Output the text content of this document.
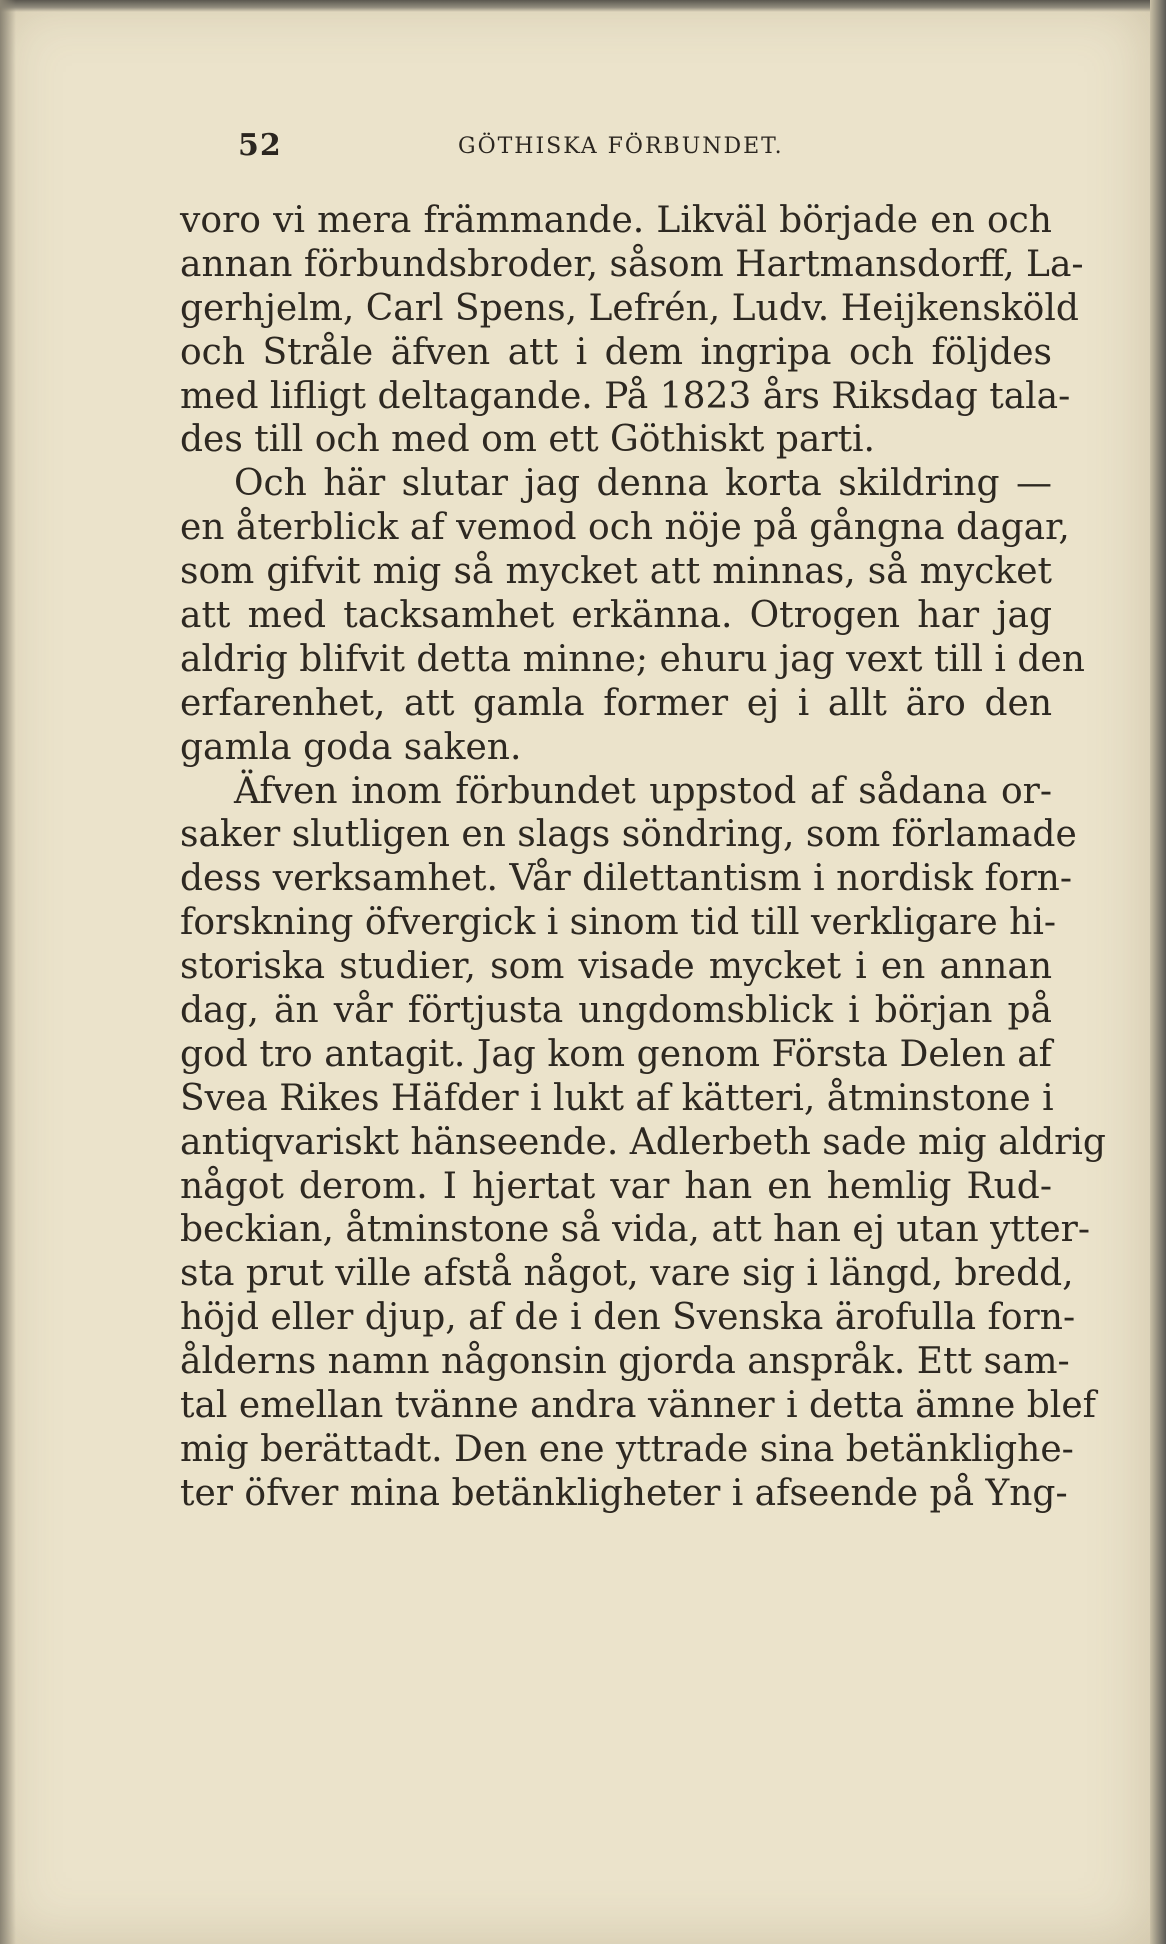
52	GÖTHISKA FÖRBUNDET.
voro vi mera främmande. Likväl började en och
annan förbundsbroder, såsom Hartmansdorff, La-
gerhjelm, Carl Spens, Lefrén, Ludv. Heijkensköld
och Stråle äfven att i dem ingripa och följdes
med lifligt deltagande. På 1823 års Riksdag tala-
des till och med om ett Göthiskt parti.
Och här slutar jag denna korta skildring —
en återblick af vemod och nöje på gångna dagar,
som gifvit mig så mycket att minnas, så mycket
att med tacksamhet erkänna. Otrogen har jag
aldrig blifvit detta minne; ehuru jag vext till i den
erfarenhet, att gamla former ej i allt äro den
gamla goda saken.
Äfven inom förbundet uppstod af sådana or-
saker slutligen en slags söndring, som förlamade
dess verksamhet. Vår dilettantism i nordisk forn-
forskning öfvergick i sinom tid till verkligare hi-
storiska studier, som visade mycket i en annan
dag, än vår förtjusta ungdomsblick i början på
god tro antagit. Jag kom genom Första Delen af
Svea Rikes Häfder i lukt af kätteri, åtminstone i
antiqvariskt hänseende. Adlerbeth sade mig aldrig
något derom. I hjertat var han en hemlig Rud-
beckian, åtminstone så vida, att han ej utan ytter-
sta prut ville afstå något, vare sig i längd, bredd,
höjd eller djup, af de i den Svenska ärofulla forn-
ålderns namn någonsin gjorda anspråk. Ett sam-
tal emellan tvänne andra vänner i detta ämne blef
mig berättadt. Den ene yttrade sina betänklighe-
ter öfver mina betänkligheter i afseende på Yng-
